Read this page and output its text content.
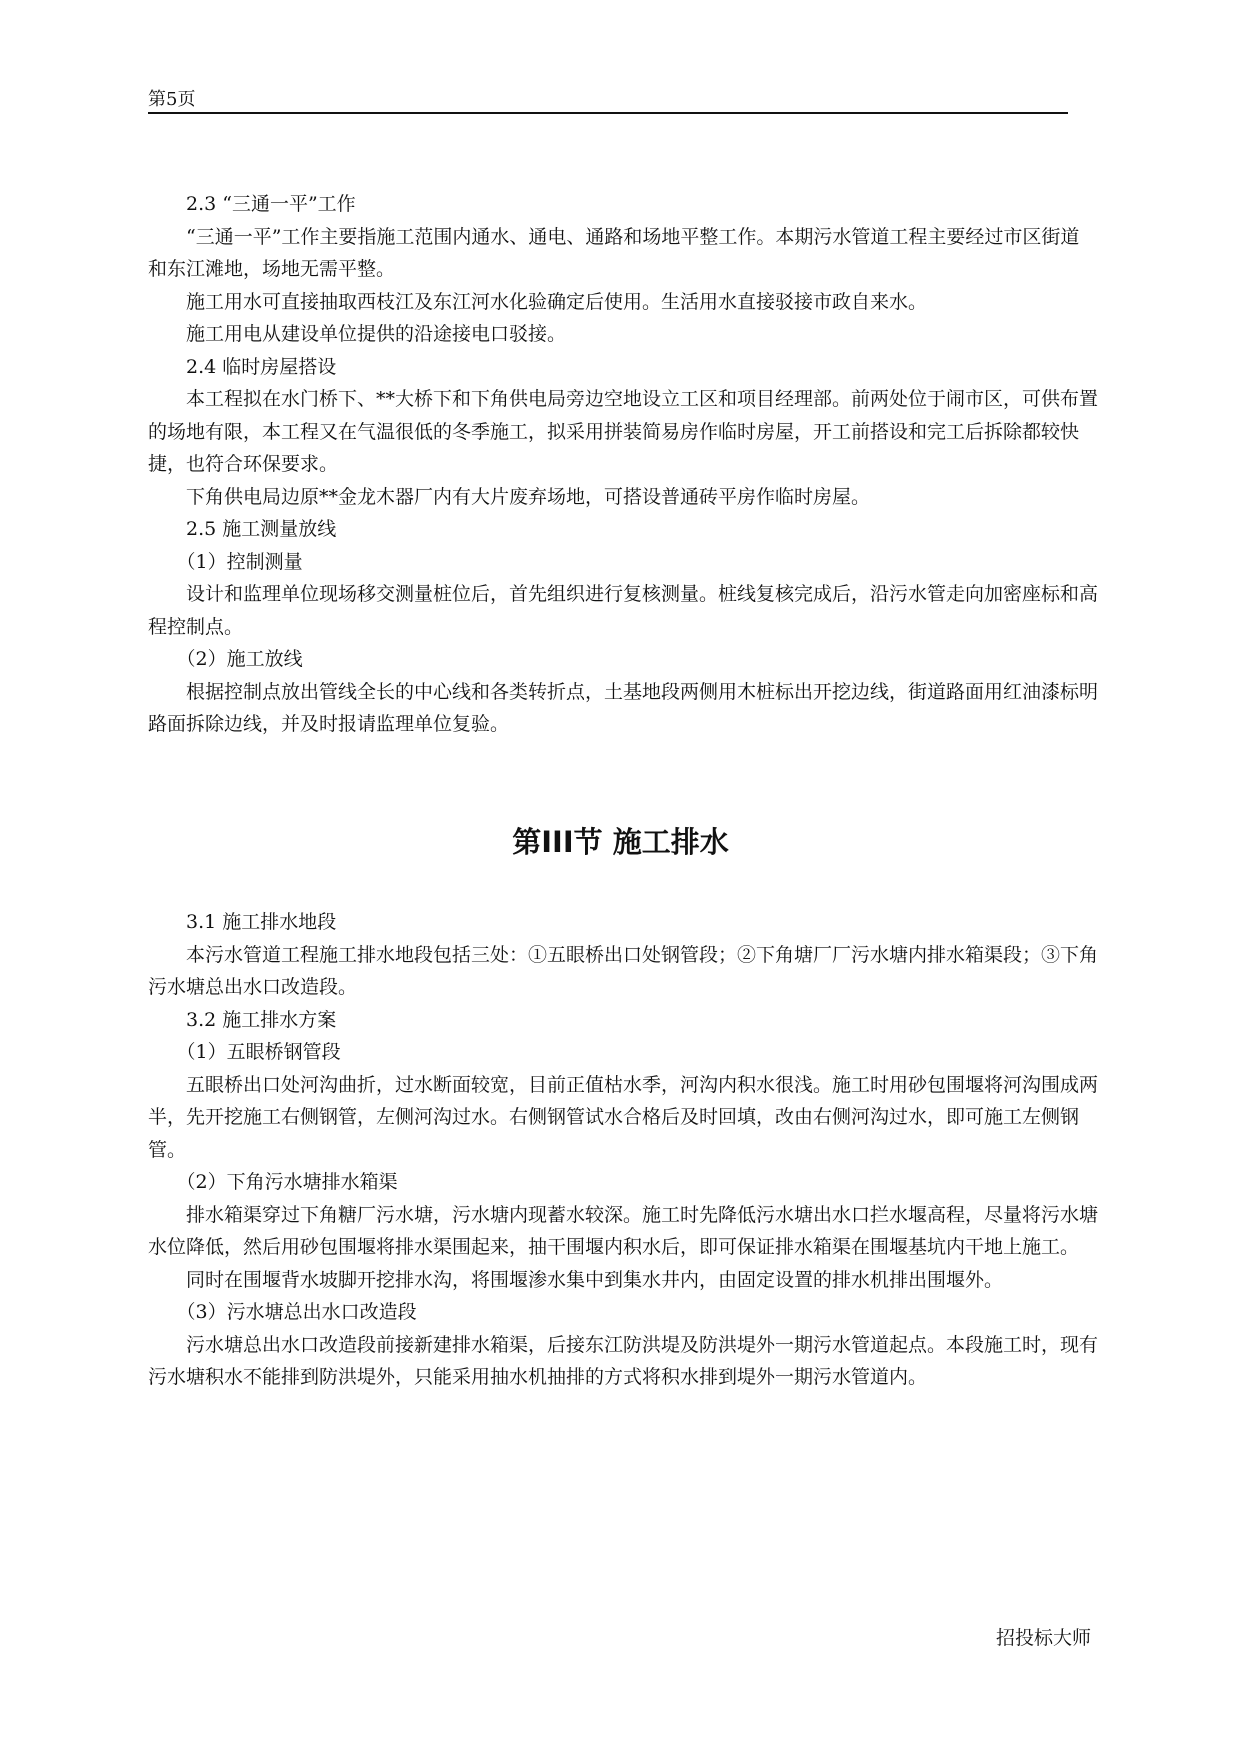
第5页

2.3 “三通一平”工作

“三通一平”工作主要指施工范围内通水、通电、通路和场地平整工作。本期污水管道工程主要经过市区街道和东江滩地，场地无需平整。

施工用水可直接抽取西枝江及东江河水化验确定后使用。生活用水直接驳接市政自来水。

施工用电从建设单位提供的沿途接电口驳接。

2.4 临时房屋搭设

本工程拟在水门桥下、**大桥下和下角供电局旁边空地设立工区和项目经理部。前两处位于闹市区，可供布置的场地有限，本工程又在气温很低的冬季施工，拟采用拼装简易房作临时房屋，开工前搭设和完工后拆除都较快捷，也符合环保要求。

下角供电局边原**金龙木器厂内有大片废弃场地，可搭设普通砖平房作临时房屋。

2.5 施工测量放线

（1）控制测量

设计和监理单位现场移交测量桩位后，首先组织进行复核测量。桩线复核完成后，沿污水管走向加密座标和高程控制点。

（2）施工放线

根据控制点放出管线全长的中心线和各类转折点，土基地段两侧用木桩标出开挖边线，街道路面用红油漆标明路面拆除边线，并及时报请监理单位复验。

第III节 施工排水

3.1 施工排水地段

本污水管道工程施工排水地段包括三处：①五眼桥出口处钢管段；②下角塘厂厂污水塘内排水箱渠段；③下角污水塘总出水口改造段。

3.2 施工排水方案

（1）五眼桥钢管段

五眼桥出口处河沟曲折，过水断面较宽，目前正值枯水季，河沟内积水很浅。施工时用砂包围堰将河沟围成两半，先开挖施工右侧钢管，左侧河沟过水。右侧钢管试水合格后及时回填，改由右侧河沟过水，即可施工左侧钢管。

（2）下角污水塘排水箱渠

排水箱渠穿过下角糖厂污水塘，污水塘内现蓄水较深。施工时先降低污水塘出水口拦水堰高程，尽量将污水塘水位降低，然后用砂包围堰将排水渠围起来，抽干围堰内积水后，即可保证排水箱渠在围堰基坑内干地上施工。

同时在围堰背水坡脚开挖排水沟，将围堰渗水集中到集水井内，由固定设置的排水机排出围堰外。

（3）污水塘总出水口改造段

污水塘总出水口改造段前接新建排水箱渠，后接东江防洪堤及防洪堤外一期污水管道起点。本段施工时，现有污水塘积水不能排到防洪堤外，只能采用抽水机抽排的方式将积水排到堤外一期污水管道内。

招投标大师
